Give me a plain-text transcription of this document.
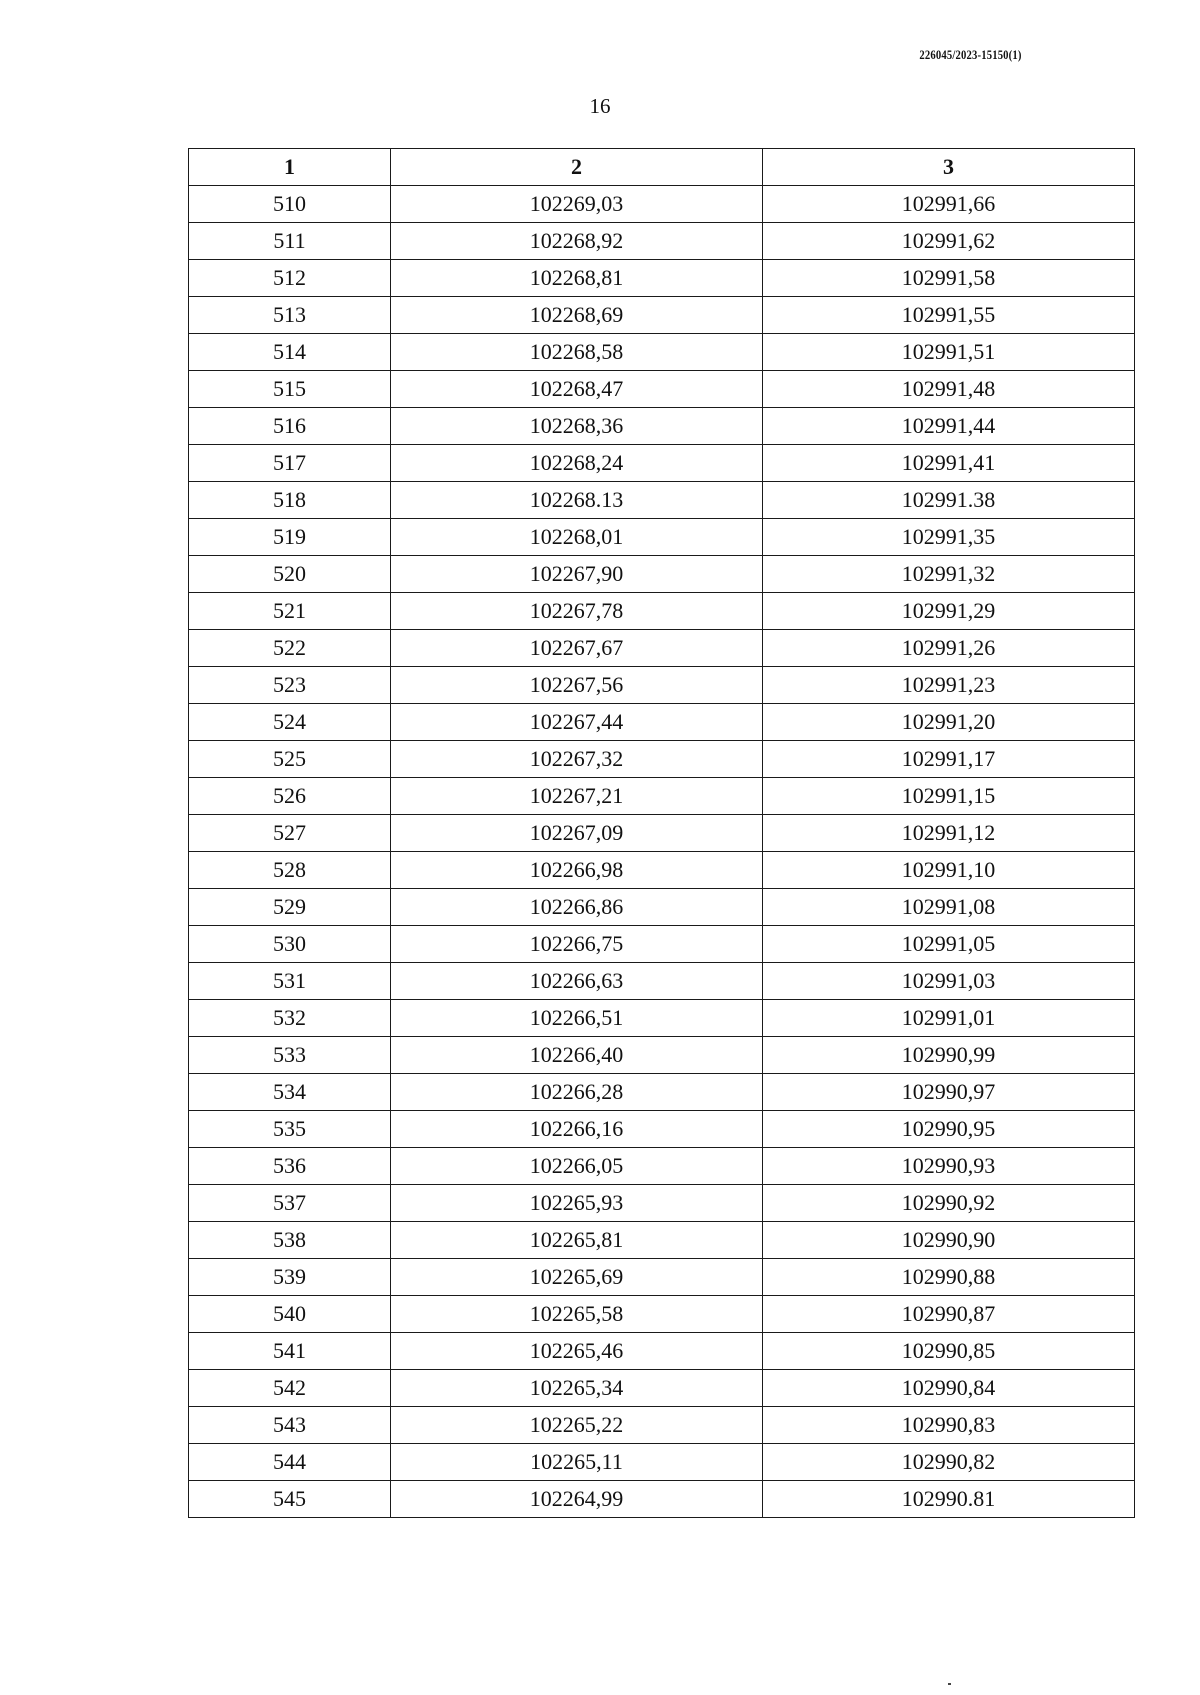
226045/2023-15150(1)
16
1	2	3
510	102269,03	102991,66
511	102268,92	102991,62
512	102268,81	102991,58
513	102268,69	102991,55
514	102268,58	102991,51
515	102268,47	102991,48
516	102268,36	102991,44
517	102268,24	102991,41
518	102268.13	102991.38
519	102268,01	102991,35
520	102267,90	102991,32
521	102267,78	102991,29
522	102267,67	102991,26
523	102267,56	102991,23
524	102267,44	102991,20
525	102267,32	102991,17
526	102267,21	102991,15
527	102267,09	102991,12
528	102266,98	102991,10
529	102266,86	102991,08
530	102266,75	102991,05
531	102266,63	102991,03
532	102266,51	102991,01
533	102266,40	102990,99
534	102266,28	102990,97
535	102266,16	102990,95
536	102266,05	102990,93
537	102265,93	102990,92
538	102265,81	102990,90
539	102265,69	102990,88
540	102265,58	102990,87
541	102265,46	102990,85
542	102265,34	102990,84
543	102265,22	102990,83
544	102265,11	102990,82
545	102264,99	102990.81
